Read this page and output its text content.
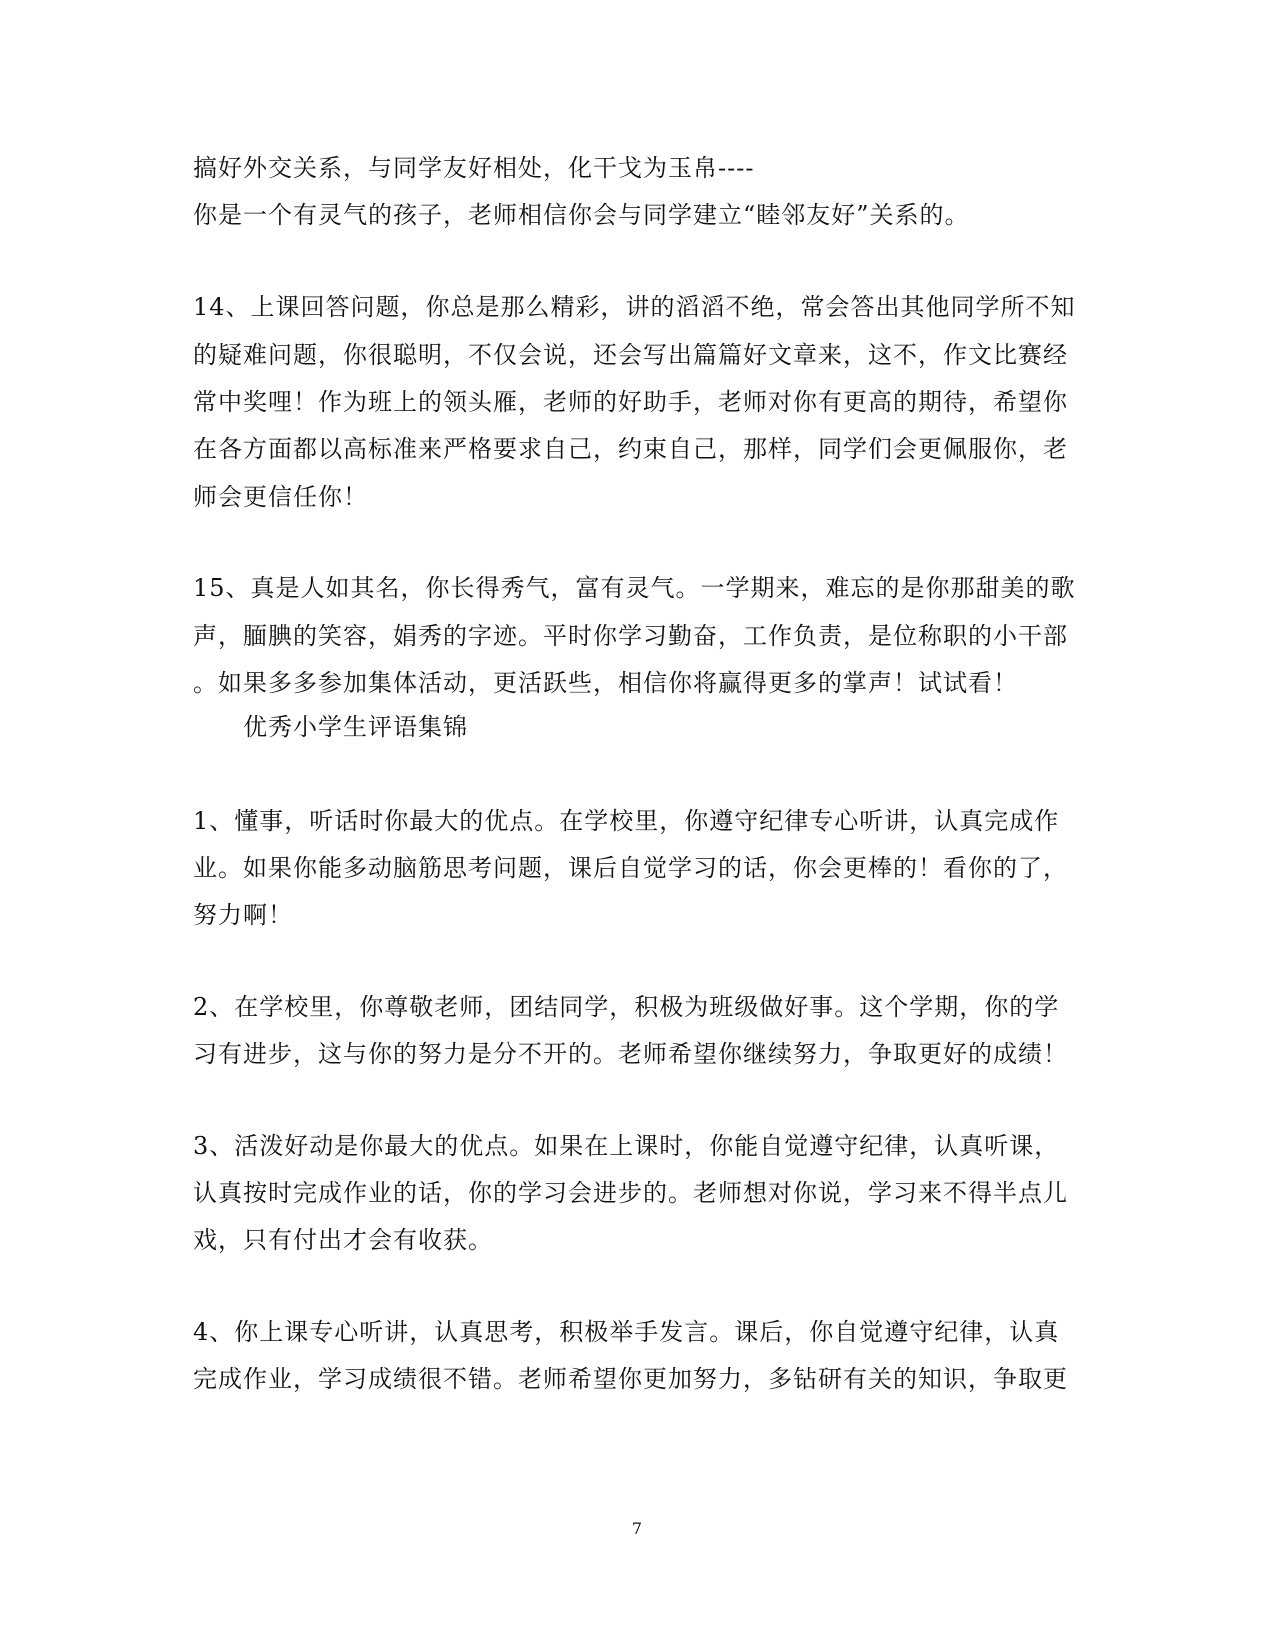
搞好外交关系，与同学友好相处，化干戈为玉帛----
你是一个有灵气的孩子，老师相信你会与同学建立“睦邻友好”关系的。
14、上课回答问题，你总是那么精彩，讲的滔滔不绝，常会答出其他同学所不知
的疑难问题，你很聪明，不仅会说，还会写出篇篇好文章来，这不，作文比赛经
常中奖哩！作为班上的领头雁，老师的好助手，老师对你有更高的期待，希望你
在各方面都以高标准来严格要求自己，约束自己，那样，同学们会更佩服你，老
师会更信任你！
15、真是人如其名，你长得秀气，富有灵气。一学期来，难忘的是你那甜美的歌
声，腼腆的笑容，娟秀的字迹。平时你学习勤奋，工作负责，是位称职的小干部
。如果多多参加集体活动，更活跃些，相信你将赢得更多的掌声！试试看！
优秀小学生评语集锦
1、懂事，听话时你最大的优点。在学校里，你遵守纪律专心听讲，认真完成作
业。如果你能多动脑筋思考问题，课后自觉学习的话，你会更棒的！看你的了，
努力啊！
2、在学校里，你尊敬老师，团结同学，积极为班级做好事。这个学期，你的学
习有进步，这与你的努力是分不开的。老师希望你继续努力，争取更好的成绩！
3、活泼好动是你最大的优点。如果在上课时，你能自觉遵守纪律，认真听课，
认真按时完成作业的话，你的学习会进步的。老师想对你说，学习来不得半点儿
戏，只有付出才会有收获。
4、你上课专心听讲，认真思考，积极举手发言。课后，你自觉遵守纪律，认真
完成作业，学习成绩很不错。老师希望你更加努力，多钻研有关的知识，争取更
7
